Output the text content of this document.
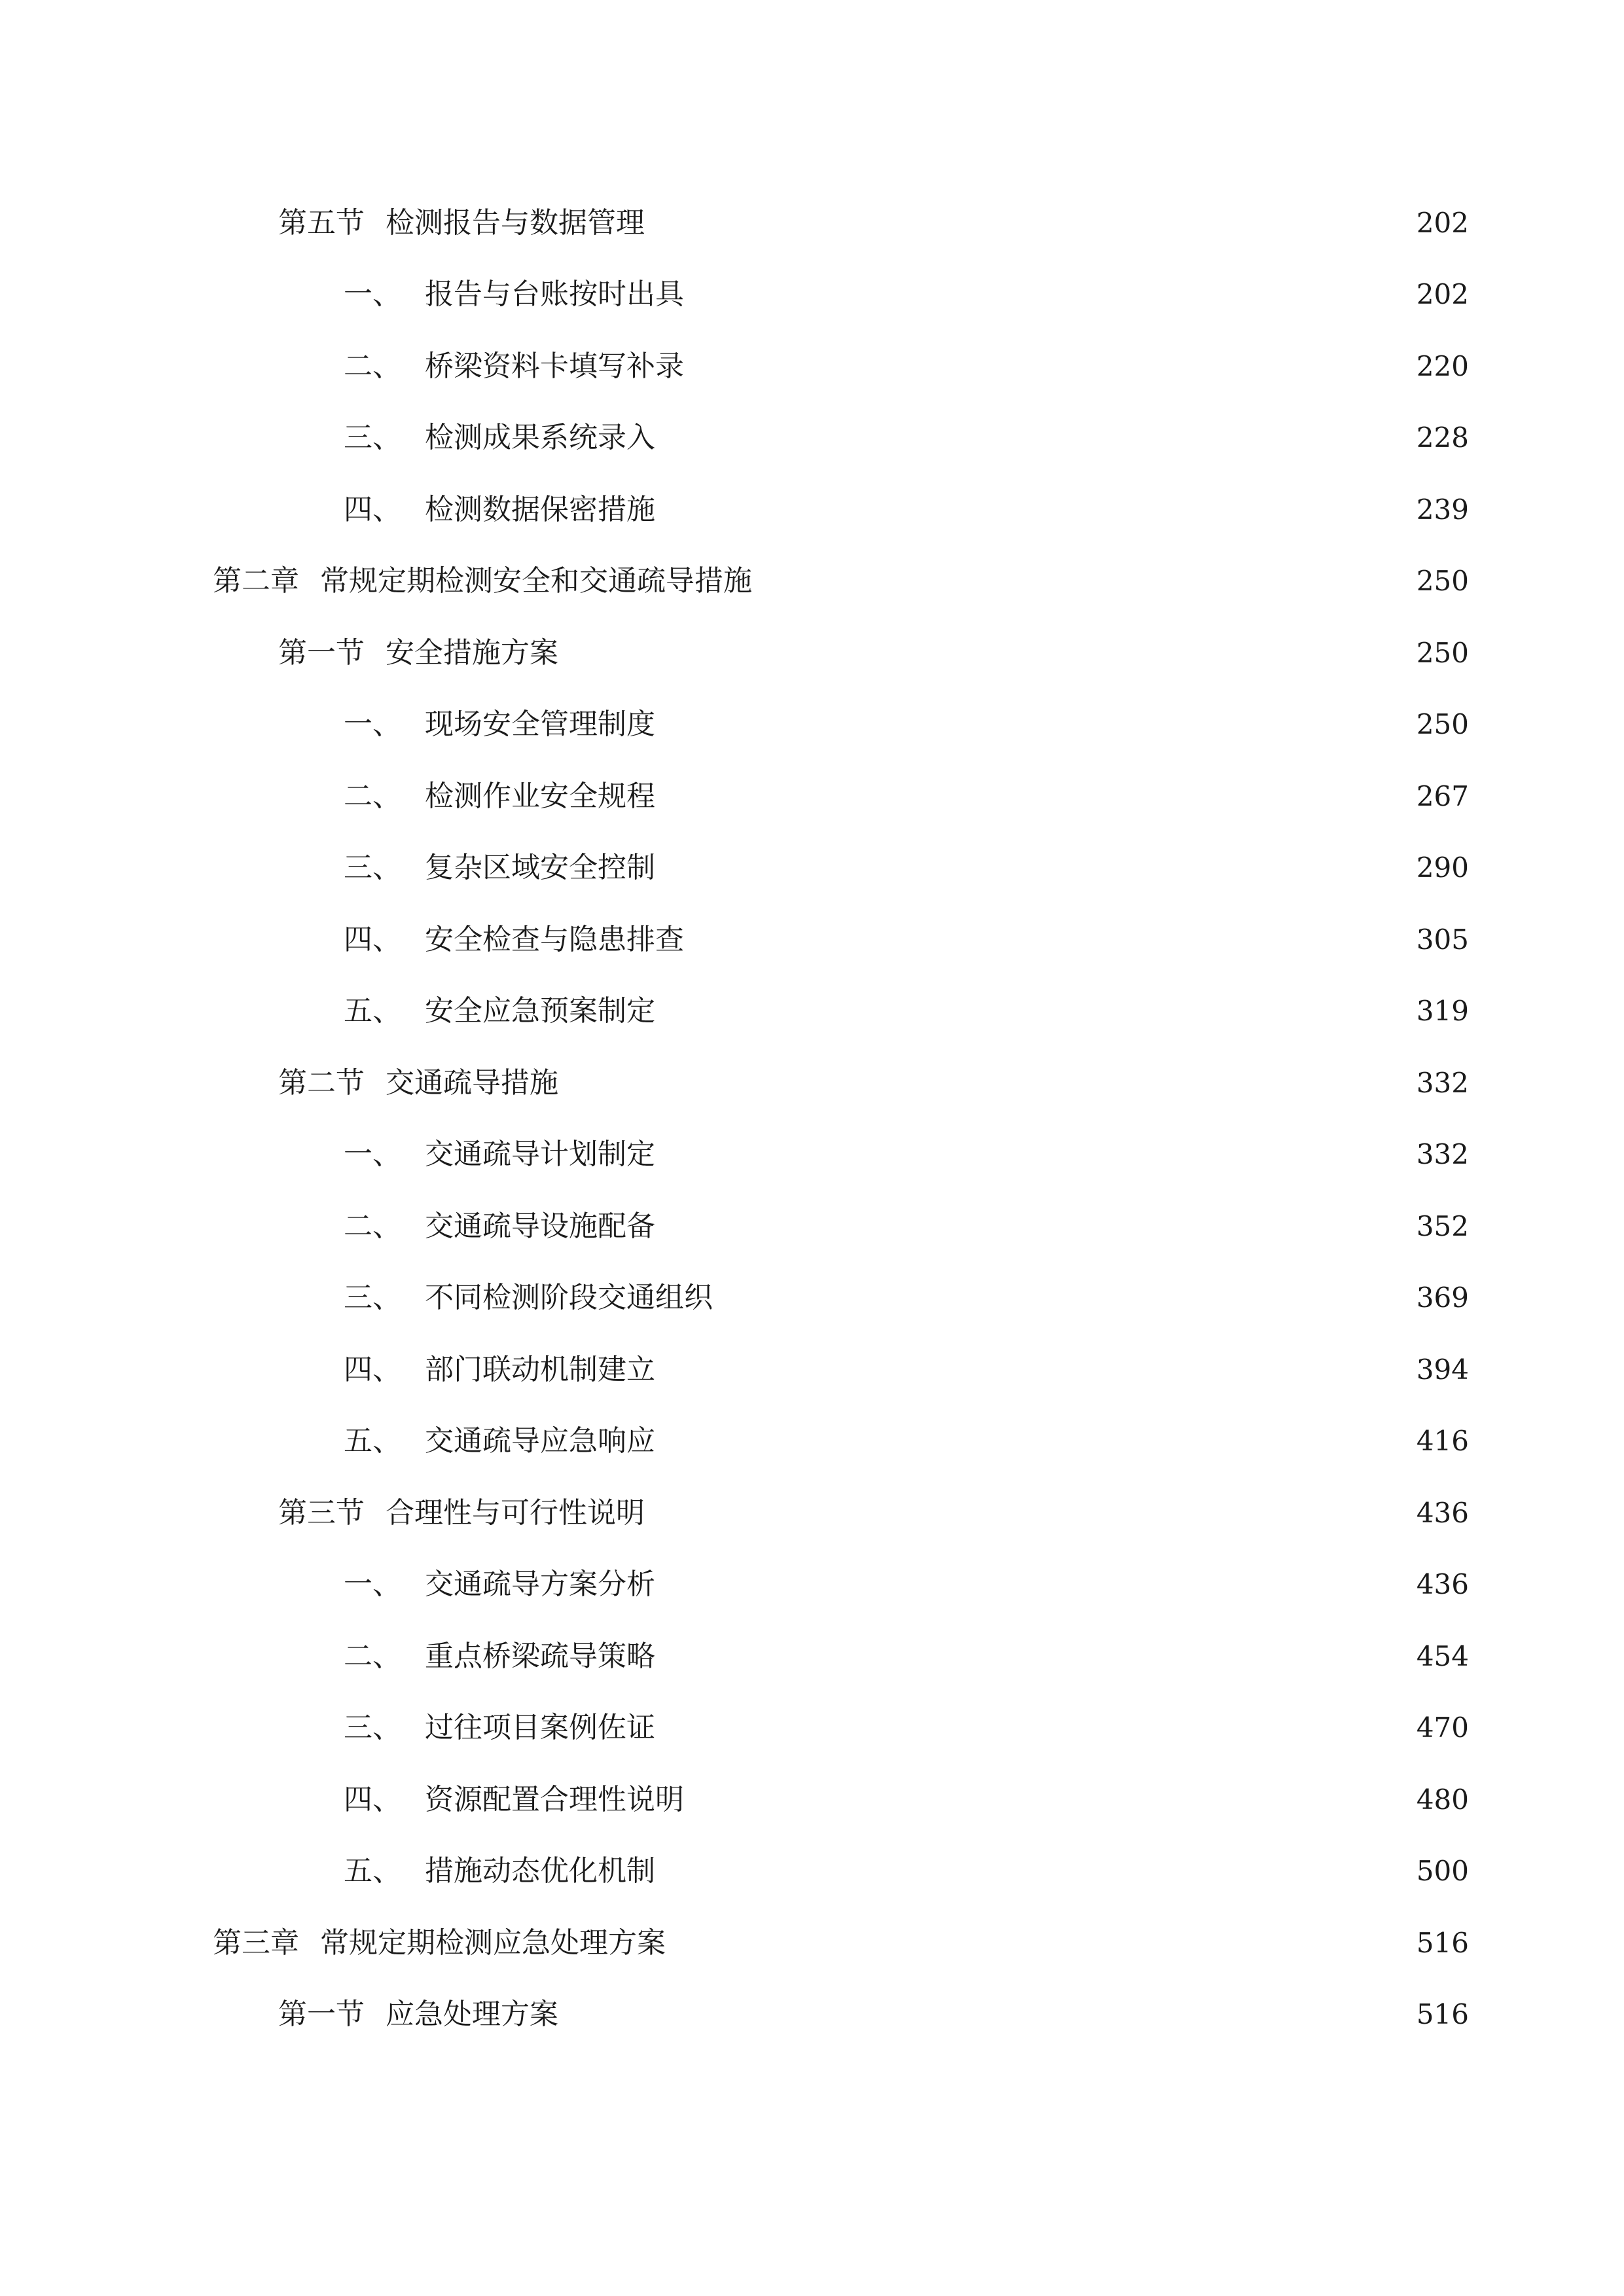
第五节 检测报告与数据管理	202
一、 报告与台账按时出具	202
二、 桥梁资料卡填写补录	220
三、 检测成果系统录入	228
四、 检测数据保密措施	239
第二章 常规定期检测安全和交通疏导措施	250
第一节 安全措施方案	250
一、 现场安全管理制度	250
二、 检测作业安全规程	267
三、 复杂区域安全控制	290
四、 安全检查与隐患排查	305
五、 安全应急预案制定	319
第二节 交通疏导措施	332
一、 交通疏导计划制定	332
二、 交通疏导设施配备	352
三、 不同检测阶段交通组织	369
四、 部门联动机制建立	394
五、 交通疏导应急响应	416
第三节 合理性与可行性说明	436
一、 交通疏导方案分析	436
二、 重点桥梁疏导策略	454
三、 过往项目案例佐证	470
四、 资源配置合理性说明	480
五、 措施动态优化机制	500
第三章 常规定期检测应急处理方案	516
第一节 应急处理方案	516
